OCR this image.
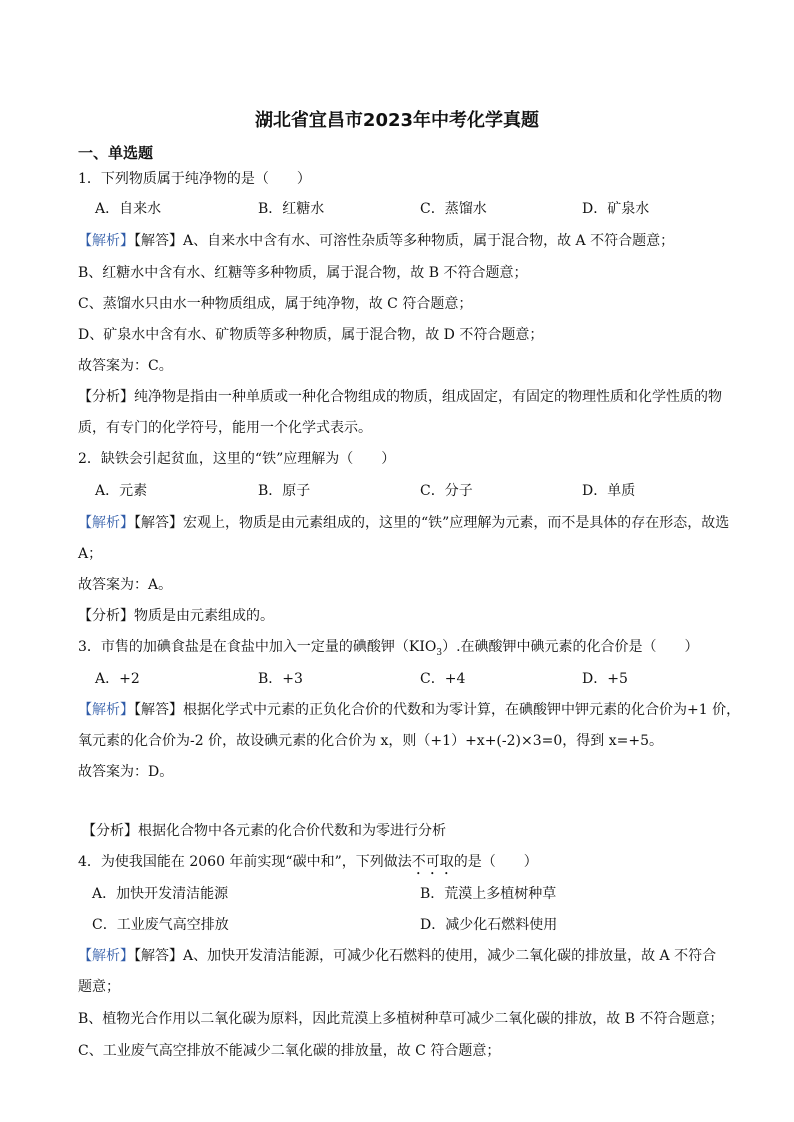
湖北省宜昌市2023年中考化学真题
一、单选题
1．下列物质属于纯净物的是（　　）
A．自来水	B．红糖水	C．蒸馏水	D．矿泉水
【解析】【解答】A、自来水中含有水、可溶性杂质等多种物质，属于混合物，故 A 不符合题意；
B、红糖水中含有水、红糖等多种物质，属于混合物，故 B 不符合题意；
C、蒸馏水只由水一种物质组成，属于纯净物，故 C 符合题意；
D、矿泉水中含有水、矿物质等多种物质，属于混合物，故 D 不符合题意；
故答案为：C。
【分析】纯净物是指由一种单质或一种化合物组成的物质，组成固定，有固定的物理性质和化学性质的物
质，有专门的化学符号，能用一个化学式表示。
2．缺铁会引起贫血，这里的“铁”应理解为（　　）
A．元素	B．原子	C．分子	D．单质
【解析】【解答】宏观上，物质是由元素组成的，这里的“铁”应理解为元素，而不是具体的存在形态，故选
A；
故答案为：A。
【分析】物质是由元素组成的。
3．市售的加碘食盐是在食盐中加入一定量的碘酸钾$(KIO_3)$.在碘酸钾中碘元素的化合价是（　　）
A．+2	B．+3	C．+4	D．+5
【解析】【解答】根据化学式中元素的正负化合价的代数和为零计算，在碘酸钾中钾元素的化合价为+1 价，
氧元素的化合价为-2 价，故设碘元素的化合价为 x，则（+1）+x+(-2)×3=0，得到 x=+5。
故答案为：D。
【分析】根据化合物中各元素的化合价代数和为零进行分析
4．为使我国能在 2060 年前实现“碳中和”，下列做法不可取的是（　　）
A．加快开发清洁能源	B．荒漠上多植树种草
C．工业废气高空排放	D．减少化石燃料使用
【解析】【解答】A、加快开发清洁能源，可减少化石燃料的使用，减少二氧化碳的排放量，故 A 不符合
题意；
B、植物光合作用以二氧化碳为原料，因此荒漠上多植树种草可减少二氧化碳的排放，故 B 不符合题意；
C、工业废气高空排放不能减少二氧化碳的排放量，故 C 符合题意；
